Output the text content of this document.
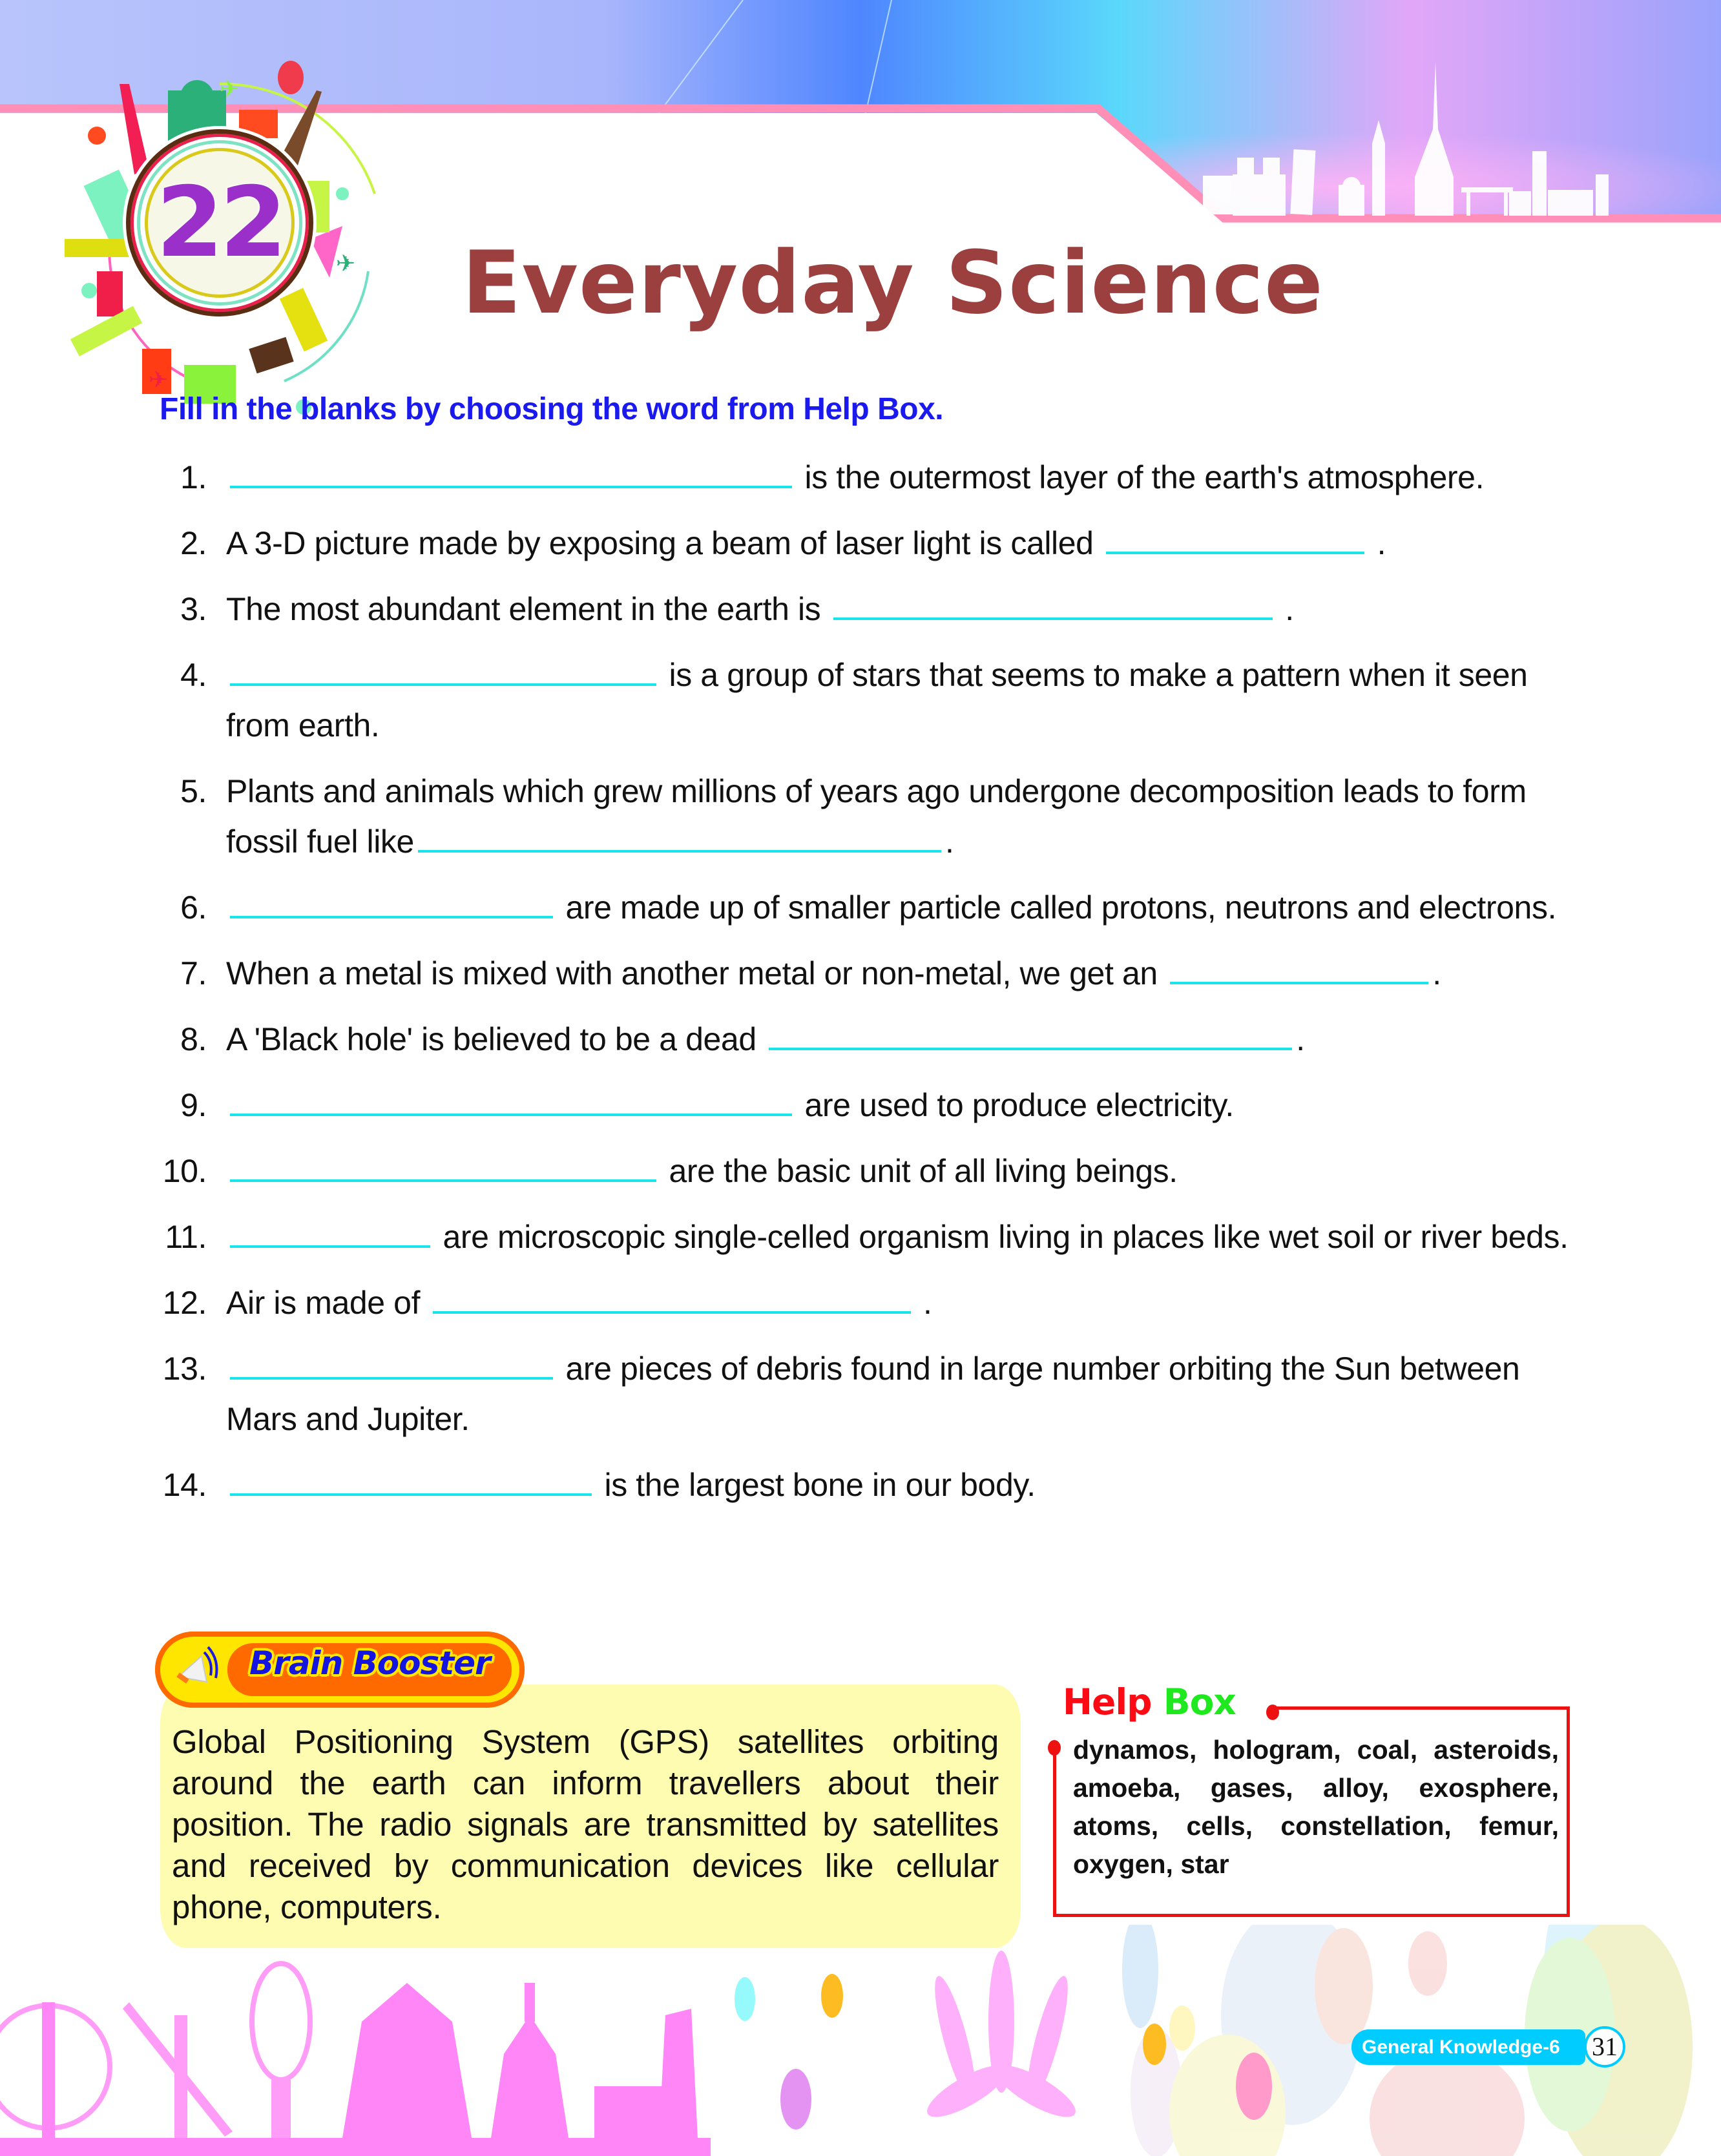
✈
✈
✈
22
Everyday Science
Fill in the blanks by choosing the word from Help Box.
1.	is the outermost layer of the earth's atmosphere.
2. A 3-D picture made by exposing a beam of laser light is called	.
3. The most abundant element in the earth is	.
4.	is a group of stars that seems to make a pattern when it seen from earth.
5. Plants and animals which grew millions of years ago undergone decomposition leads to form fossil fuel like	.
6.	are made up of smaller particle called protons, neutrons and electrons.
7. When a metal is mixed with another metal or non-metal, we get an	.
8. A 'Black hole' is believed to be a dead	.
9.	are used to produce electricity.
10.	are the basic unit of all living beings.
11.	are microscopic single-celled organism living in places like wet soil or river beds.
12. Air is made of	.
13.	are pieces of debris found in large number orbiting the Sun between Mars and Jupiter.
14.	is the largest bone in our body.
Brain Booster

Global Positioning System (GPS) satellites orbiting around the earth can inform travellers about their position. The radio signals are transmitted by satellites and received by communication devices like cellular phone, computers.

Help Box

dynamos, hologram, coal, asteroids, amoeba, gases, alloy, exosphere, atoms, cells, constellation, femur, oxygen, star

General Knowledge-6	31
